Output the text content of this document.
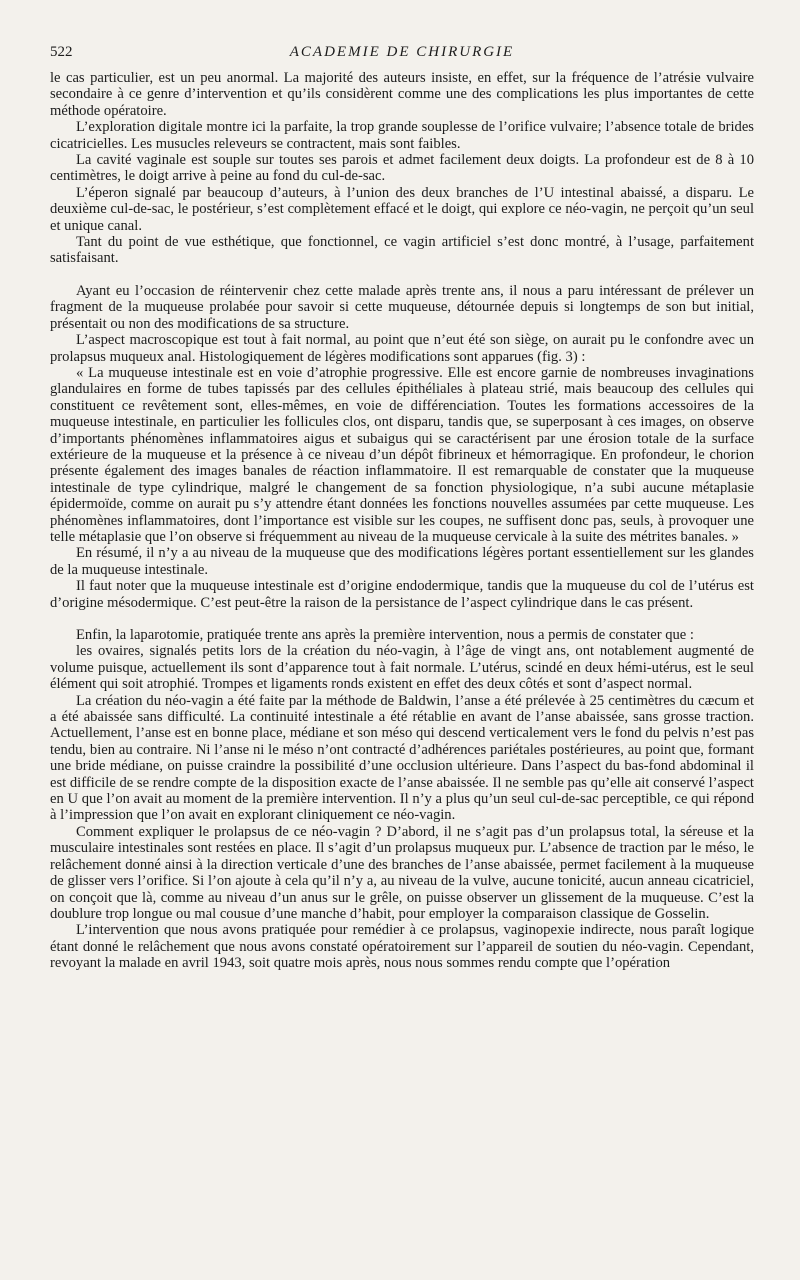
522	ACADEMIE DE CHIRURGIE

le cas particulier, est un peu anormal. La majorité des auteurs insiste, en effet, sur la fréquence de l’atrésie vulvaire secondaire à ce genre d’intervention et qu’ils considèrent comme une des complications les plus importantes de cette méthode opératoire.

L’exploration digitale montre ici la parfaite, la trop grande souplesse de l’orifice vulvaire; l’absence totale de brides cicatricielles. Les musucles releveurs se contractent, mais sont faibles.

La cavité vaginale est souple sur toutes ses parois et admet facilement deux doigts. La profondeur est de 8 à 10 centimètres, le doigt arrive à peine au fond du cul-de-sac.

L’éperon signalé par beaucoup d’auteurs, à l’union des deux branches de l’U intestinal abaissé, a disparu. Le deuxième cul-de-sac, le postérieur, s’est complètement effacé et le doigt, qui explore ce néo-vagin, ne perçoit qu’un seul et unique canal.

Tant du point de vue esthétique, que fonctionnel, ce vagin artificiel s’est donc montré, à l’usage, parfaitement satisfaisant.

Ayant eu l’occasion de réintervenir chez cette malade après trente ans, il nous a paru intéressant de prélever un fragment de la muqueuse prolabée pour savoir si cette muqueuse, détournée depuis si longtemps de son but initial, présentait ou non des modifications de sa structure.

L’aspect macroscopique est tout à fait normal, au point que n’eut été son siège, on aurait pu le confondre avec un prolapsus muqueux anal. Histologiquement de légères modifications sont apparues (fig. 3) :

« La muqueuse intestinale est en voie d’atrophie progressive. Elle est encore garnie de nombreuses invaginations glandulaires en forme de tubes tapissés par des cellules épithéliales à plateau strié, mais beaucoup des cellules qui constituent ce revêtement sont, elles-mêmes, en voie de différenciation. Toutes les formations accessoires de la muqueuse intestinale, en particulier les follicules clos, ont disparu, tandis que, se superposant à ces images, on observe d’importants phénomènes inflammatoires aigus et subaigus qui se caractérisent par une érosion totale de la surface extérieure de la muqueuse et la présence à ce niveau d’un dépôt fibrineux et hémorragique. En profondeur, le chorion présente également des images banales de réaction inflammatoire. Il est remarquable de constater que la muqueuse intestinale de type cylindrique, malgré le changement de sa fonction physiologique, n’a subi aucune métaplasie épidermoïde, comme on aurait pu s’y attendre étant données les fonctions nouvelles assumées par cette muqueuse. Les phénomènes inflammatoires, dont l’importance est visible sur les coupes, ne suffisent donc pas, seuls, à provoquer une telle métaplasie que l’on observe si fréquemment au niveau de la muqueuse cervicale à la suite des métrites banales. »

En résumé, il n’y a au niveau de la muqueuse que des modifications légères portant essentiellement sur les glandes de la muqueuse intestinale.

Il faut noter que la muqueuse intestinale est d’origine endodermique, tandis que la muqueuse du col de l’utérus est d’origine mésodermique. C’est peut-être la raison de la persistance de l’aspect cylindrique dans le cas présent.

Enfin, la laparotomie, pratiquée trente ans après la première intervention, nous a permis de constater que :

les ovaires, signalés petits lors de la création du néo-vagin, à l’âge de vingt ans, ont notablement augmenté de volume puisque, actuellement ils sont d’apparence tout à fait normale. L’utérus, scindé en deux hémi-utérus, est le seul élément qui soit atrophié. Trompes et ligaments ronds existent en effet des deux côtés et sont d’aspect normal.

La création du néo-vagin a été faite par la méthode de Baldwin, l’anse a été prélevée à 25 centimètres du cæcum et a été abaissée sans difficulté. La continuité intestinale a été rétablie en avant de l’anse abaissée, sans grosse traction. Actuellement, l’anse est en bonne place, médiane et son méso qui descend verticalement vers le fond du pelvis n’est pas tendu, bien au contraire. Ni l’anse ni le méso n’ont contracté d’adhérences pariétales postérieures, au point que, formant une bride médiane, on puisse craindre la possibilité d’une occlusion ultérieure. Dans l’aspect du bas-fond abdominal il est difficile de se rendre compte de la disposition exacte de l’anse abaissée. Il ne semble pas qu’elle ait conservé l’aspect en U que l’on avait au moment de la première intervention. Il n’y a plus qu’un seul cul-de-sac perceptible, ce qui répond à l’impression que l’on avait en explorant cliniquement ce néo-vagin.

Comment expliquer le prolapsus de ce néo-vagin ? D’abord, il ne s’agit pas d’un prolapsus total, la séreuse et la musculaire intestinales sont restées en place. Il s’agit d’un prolapsus muqueux pur. L’absence de traction par le méso, le relâchement donné ainsi à la direction verticale d’une des branches de l’anse abaissée, permet facilement à la muqueuse de glisser vers l’orifice. Si l’on ajoute à cela qu’il n’y a, au niveau de la vulve, aucune tonicité, aucun anneau cicatriciel, on conçoit que là, comme au niveau d’un anus sur le grêle, on puisse observer un glissement de la muqueuse. C’est la doublure trop longue ou mal cousue d’une manche d’habit, pour employer la comparaison classique de Gosselin.

L’intervention que nous avons pratiquée pour remédier à ce prolapsus, vaginopexie indirecte, nous paraît logique étant donné le relâchement que nous avons constaté opératoirement sur l’appareil de soutien du néo-vagin. Cependant, revoyant la malade en avril 1943, soit quatre mois après, nous nous sommes rendu compte que l’opération
